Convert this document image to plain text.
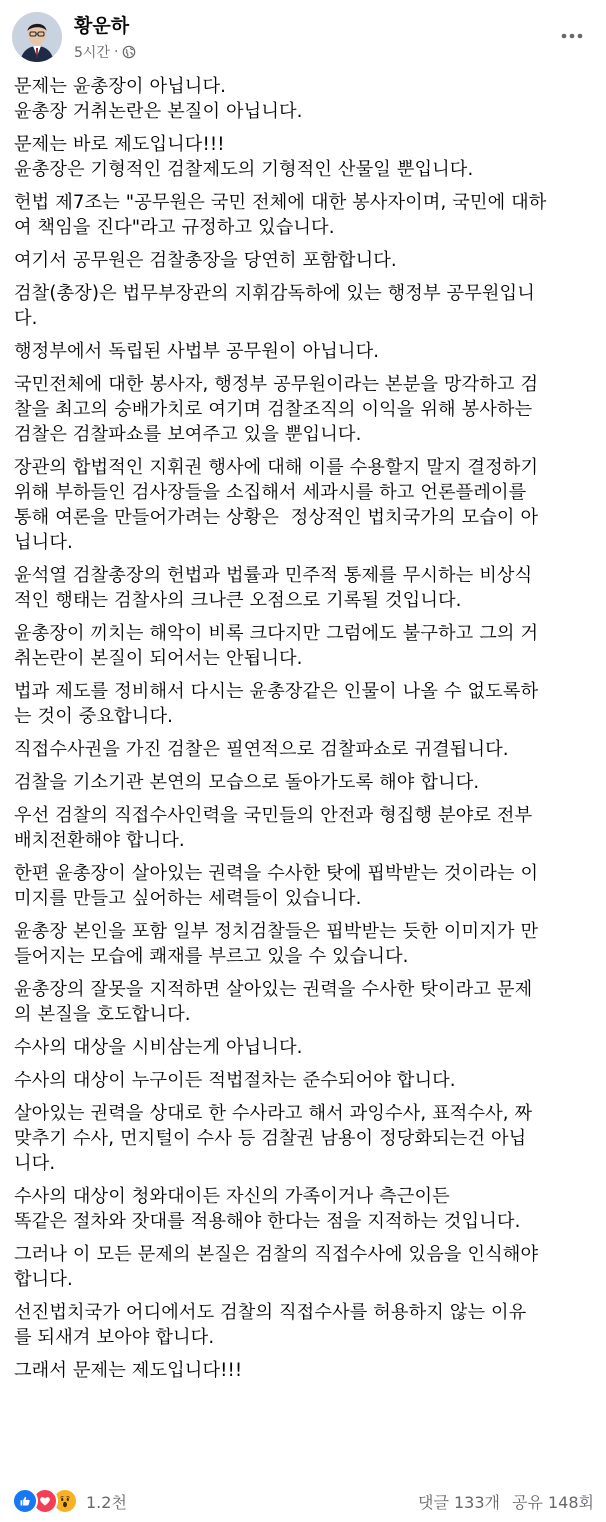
황운하
5시간 ·

문제는 윤총장이 아닙니다.
윤총장 거취논란은 본질이 아닙니다.

문제는 바로 제도입니다!!!
윤총장은 기형적인 검찰제도의 기형적인 산물일 뿐입니다.

헌법 제7조는 "공무원은 국민 전체에 대한 봉사자이며, 국민에 대하
여 책임을 진다"라고 규정하고 있습니다.

여기서 공무원은 검찰총장을 당연히 포함합니다.

검찰(총장)은 법무부장관의 지휘감독하에 있는 행정부 공무원입니
다.

행정부에서 독립된 사법부 공무원이 아닙니다.

국민전체에 대한 봉사자, 행정부 공무원이라는 본분을 망각하고 검
찰을 최고의 숭배가치로 여기며 검찰조직의 이익을 위해 봉사하는
검찰은 검찰파쇼를 보여주고 있을 뿐입니다.

장관의 합법적인 지휘권 행사에 대해 이를 수용할지 말지 결정하기
위해 부하들인 검사장들을 소집해서 세과시를 하고 언론플레이를
통해 여론을 만들어가려는 상황은  정상적인 법치국가의 모습이 아
닙니다.

윤석열 검찰총장의 헌법과 법률과 민주적 통제를 무시하는 비상식
적인 행태는 검찰사의 크나큰 오점으로 기록될 것입니다.

윤총장이 끼치는 해악이 비록 크다지만 그럼에도 불구하고 그의 거
취논란이 본질이 되어서는 안됩니다.

법과 제도를 정비해서 다시는 윤총장같은 인물이 나올 수 없도록하
는 것이 중요합니다.

직접수사권을 가진 검찰은 필연적으로 검찰파쇼로 귀결됩니다.

검찰을 기소기관 본연의 모습으로 돌아가도록 해야 합니다.

우선 검찰의 직접수사인력을 국민들의 안전과 형집행 분야로 전부
배치전환해야 합니다.

한편 윤총장이 살아있는 권력을 수사한 탓에 핍박받는 것이라는 이
미지를 만들고 싶어하는 세력들이 있습니다.

윤총장 본인을 포함 일부 정치검찰들은 핍박받는 듯한 이미지가 만
들어지는 모습에 쾌재를 부르고 있을 수 있습니다.

윤총장의 잘못을 지적하면 살아있는 권력을 수사한 탓이라고 문제
의 본질을 호도합니다.

수사의 대상을 시비삼는게 아닙니다.

수사의 대상이 누구이든 적법절차는 준수되어야 합니다.

살아있는 권력을 상대로 한 수사라고 해서 과잉수사, 표적수사, 짜
맞추기 수사, 먼지털이 수사 등 검찰권 남용이 정당화되는건 아닙
니다.

수사의 대상이 청와대이든 자신의 가족이거나 측근이든
똑같은 절차와 잣대를 적용해야 한다는 점을 지적하는 것입니다.

그러나 이 모든 문제의 본질은 검찰의 직접수사에 있음을 인식해야
합니다.

선진법치국가 어디에서도 검찰의 직접수사를 허용하지 않는 이유
를 되새겨 보아야 합니다.

그래서 문제는 제도입니다!!!

1.2천	댓글 133개 공유 148회
